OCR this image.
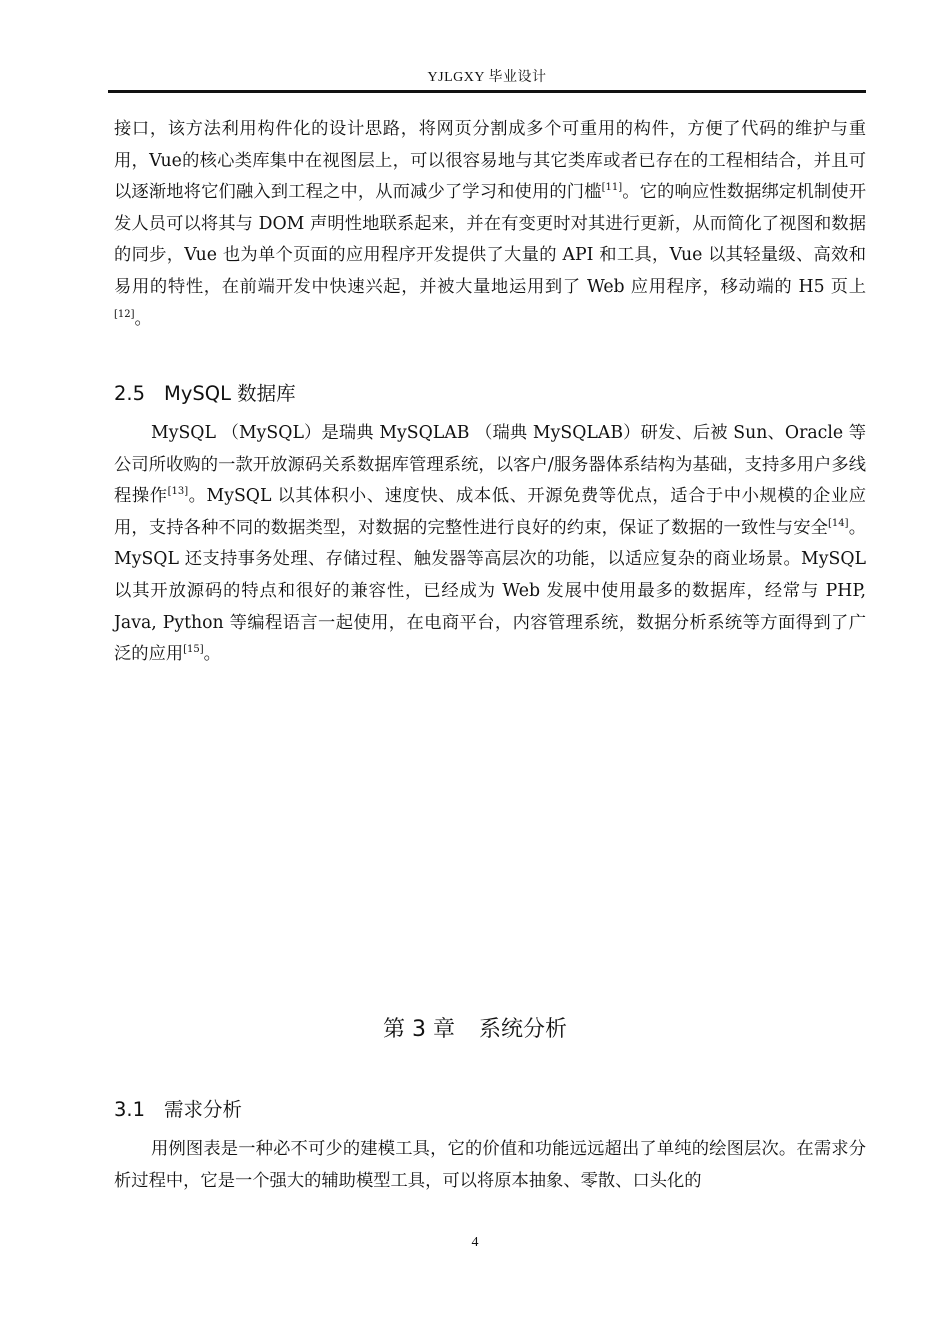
YJLGXY 毕业设计

接口，该方法利用构件化的设计思路，将网页分割成多个可重用的构件，方便了代码的维护与重用，Vue的核心类库集中在视图层上，可以很容易地与其它类库或者已存在的工程相结合，并且可以逐渐地将它们融入到工程之中，从而减少了学习和使用的门槛[11]。它的响应性数据绑定机制使开发人员可以将其与 DOM 声明性地联系起来，并在有变更时对其进行更新，从而简化了视图和数据的同步，Vue 也为单个页面的应用程序开发提供了大量的 API 和工具，Vue 以其轻量级、高效和易用的特性，在前端开发中快速兴起，并被大量地运用到了 Web 应用程序，移动端的 H5 页上[12]。

2.5 MySQL 数据库

MySQL （MySQL）是瑞典 MySQLAB （瑞典 MySQLAB）研发、后被 Sun、Oracle 等公司所收购的一款开放源码关系数据库管理系统，以客户/服务器体系结构为基础，支持多用户多线程操作[13]。MySQL 以其体积小、速度快、成本低、开源免费等优点，适合于中小规模的企业应用，支持各种不同的数据类型，对数据的完整性进行良好的约束，保证了数据的一致性与安全[14]。MySQL 还支持事务处理、存储过程、触发器等高层次的功能，以适应复杂的商业场景。MySQL 以其开放源码的特点和很好的兼容性，已经成为 Web 发展中使用最多的数据库，经常与 PHP, Java, Python 等编程语言一起使用，在电商平台，内容管理系统，数据分析系统等方面得到了广泛的应用[15]。

第 3 章 系统分析
3.1 需求分析

用例图表是一种必不可少的建模工具，它的价值和功能远远超出了单纯的绘图层次。在需求分析过程中，它是一个强大的辅助模型工具，可以将原本抽象、零散、口头化的

4
